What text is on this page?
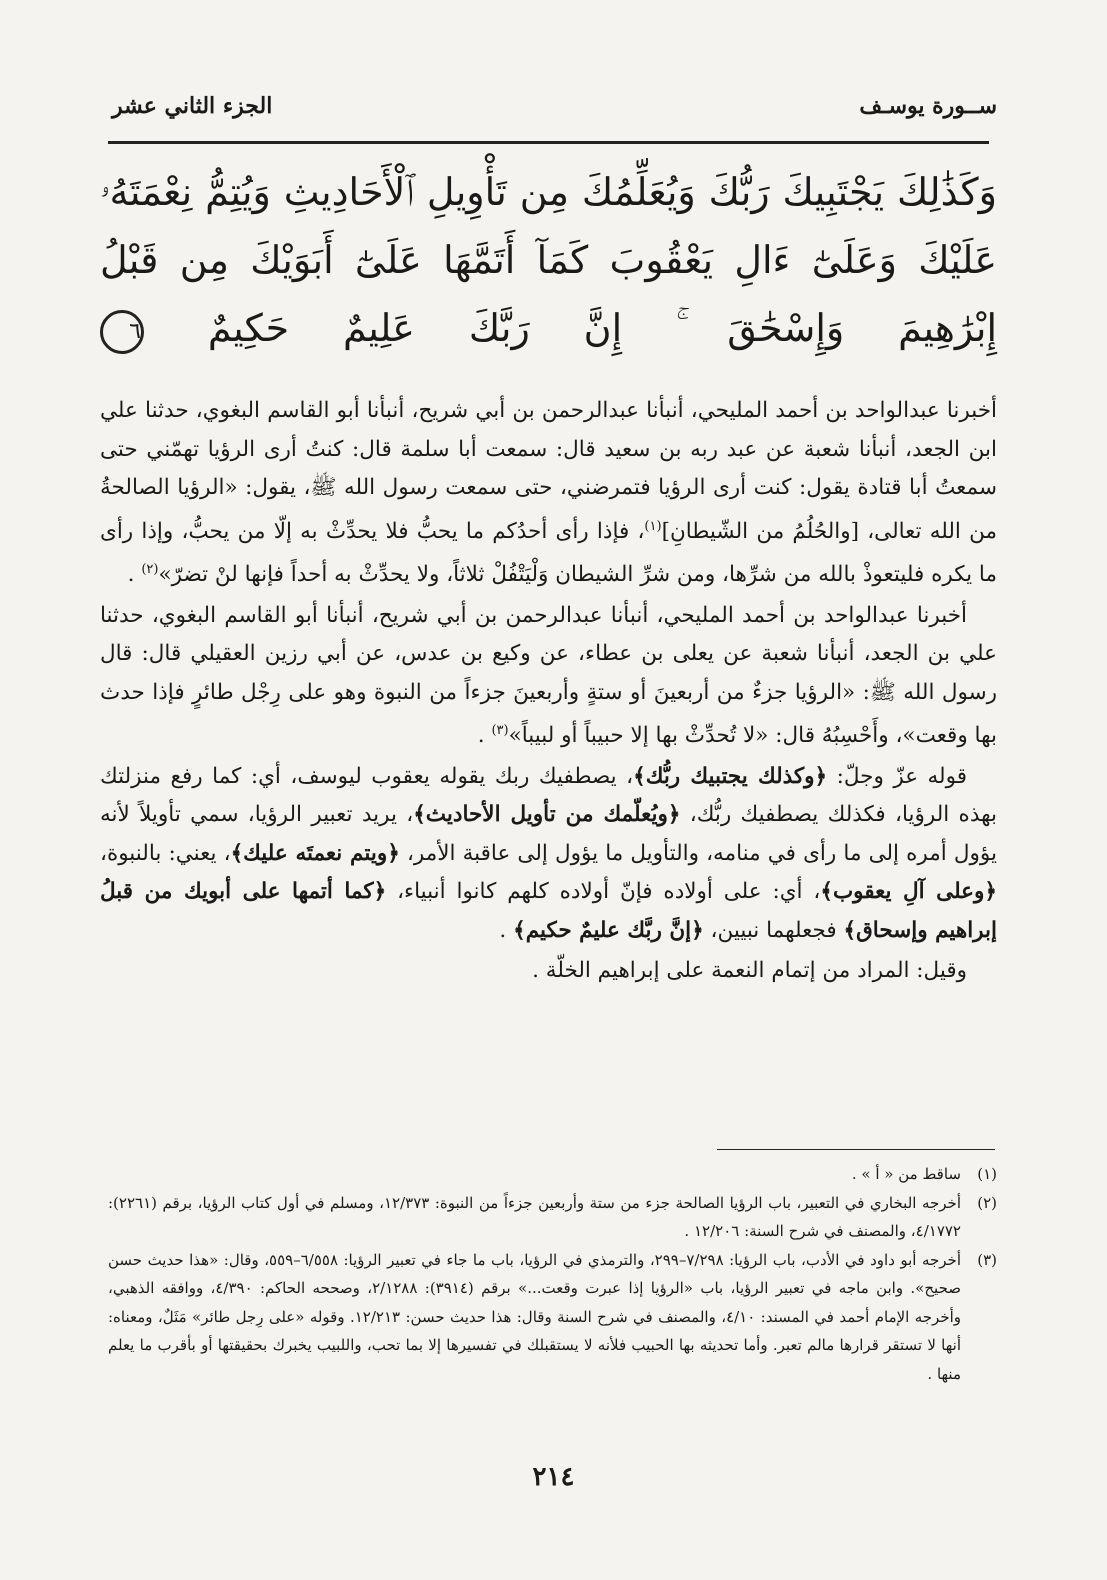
ســورة يوسـف
الجزء الثاني عشر
وَكَذَٰلِكَ يَجْتَبِيكَ رَبُّكَ وَيُعَلِّمُكَ مِن تَأْوِيلِ ٱلْأَحَادِيثِ وَيُتِمُّ نِعْمَتَهُۥ عَلَيْكَ وَعَلَىٰٓ ءَالِ يَعْقُوبَ كَمَآ أَتَمَّهَا عَلَىٰٓ أَبَوَيْكَ مِن قَبْلُ إِبْرَٰهِيمَ وَإِسْحَٰقَ ۚ إِنَّ رَبَّكَ عَلِيمٌ حَكِيمٌ ٦

أخبرنا عبدالواحد بن أحمد المليحي، أنبأنا عبدالرحمن بن أبي شريح، أنبأنا أبو القاسم البغوي، حدثنا علي ابن الجعد، أنبأنا شعبة عن عبد ربه بن سعيد قال: سمعت أبا سلمة قال: كنتُ أرى الرؤيا تهمّني حتى سمعتُ أبا قتادة يقول: كنت أرى الرؤيا فتمرضني، حتى سمعت رسول الله ﷺ، يقول: «الرؤيا الصالحةُ من الله تعالى، [والحُلُمُ من الشّيطانِ]$^{(١)}$، فإذا رأى أحدُكم ما يحبُّ فلا يحدِّثْ به إلّا من يحبُّ، وإذا رأى ما يكره فليتعوذْ بالله من شرِّها، ومن شرِّ الشيطان وَلْيَتْفُلْ ثلاثاً، ولا يحدِّثْ به أحداً فإنها لنْ تضرّ»$^{(٢)}$ .

أخبرنا عبدالواحد بن أحمد المليحي، أنبأنا عبدالرحمن بن أبي شريح، أنبأنا أبو القاسم البغوي، حدثنا علي بن الجعد، أنبأنا شعبة عن يعلى بن عطاء، عن وكيع بن عدس، عن أبي رزين العقيلي قال: قال رسول الله ﷺ: «الرؤيا جزءٌ من أربعينَ أو ستةٍ وأربعينَ جزءاً من النبوة وهو على رِجْل طائرٍ فإذا حدث بها وقعت»، وأَحْسِبُهُ قال: «لا تُحدِّثْ بها إلا حبيباً أو لبيباً»$^{(٣)}$ .

قوله عزّ وجلّ: ﴿وكذلك يجتبيك ربُّك﴾، يصطفيك ربك يقوله يعقوب ليوسف، أي: كما رفع منزلتك بهذه الرؤيا، فكذلك يصطفيك ربُّك، ﴿ويُعلّمك من تأويل الأحاديث﴾، يريد تعبير الرؤيا، سمي تأويلاً لأنه يؤول أمره إلى ما رأى في منامه، والتأويل ما يؤول إلى عاقبة الأمر، ﴿ويتم نعمتَه عليك﴾، يعني: بالنبوة، ﴿وعلى آلِ يعقوب﴾، أي: على أولاده فإنّ أولاده كلهم كانوا أنبياء، ﴿كما أتمها على أبويك من قبلُ إبراهيم وإسحاق﴾ فجعلهما نبيين، ﴿إنَّ ربَّك عليمٌ حكيم﴾ .

وقيل: المراد من إتمام النعمة على إبراهيم الخلّة .

(١)
ساقط من « أ » .
(٢)
أخرجه البخاري في التعبير، باب الرؤيا الصالحة جزء من ستة وأربعين جزءاً من النبوة: ١٢/٣٧٣، ومسلم في أول كتاب الرؤيا، برقم (٢٢٦١): ٤/١٧٧٢، والمصنف في شرح السنة: ١٢/٢٠٦ .
(٣)
أخرجه أبو داود في الأدب، باب الرؤيا: ٧/٢٩٨–٢٩٩، والترمذي في الرؤيا، باب ما جاء في تعبير الرؤيا: ٦/٥٥٨–٥٥٩، وقال: «هذا حديث حسن صحيح». وابن ماجه في تعبير الرؤيا، باب «الرؤيا إذا عبرت وقعت...» برقم (٣٩١٤): ٢/١٢٨٨، وصححه الحاكم: ٤/٣٩٠، ووافقه الذهبي، وأخرجه الإمام أحمد في المسند: ٤/١٠، والمصنف في شرح السنة وقال: هذا حديث حسن: ١٢/٢١٣. وقوله «على رِجل طائر» مَثَلٌ، ومعناه: أنها لا تستقر قرارها مالم تعبر. وأما تحديثه بها الحبيب فلأنه لا يستقبلك في تفسيرها إلا بما تحب، واللبيب يخبرك بحقيقتها أو بأقرب ما يعلم منها .
٢١٤
